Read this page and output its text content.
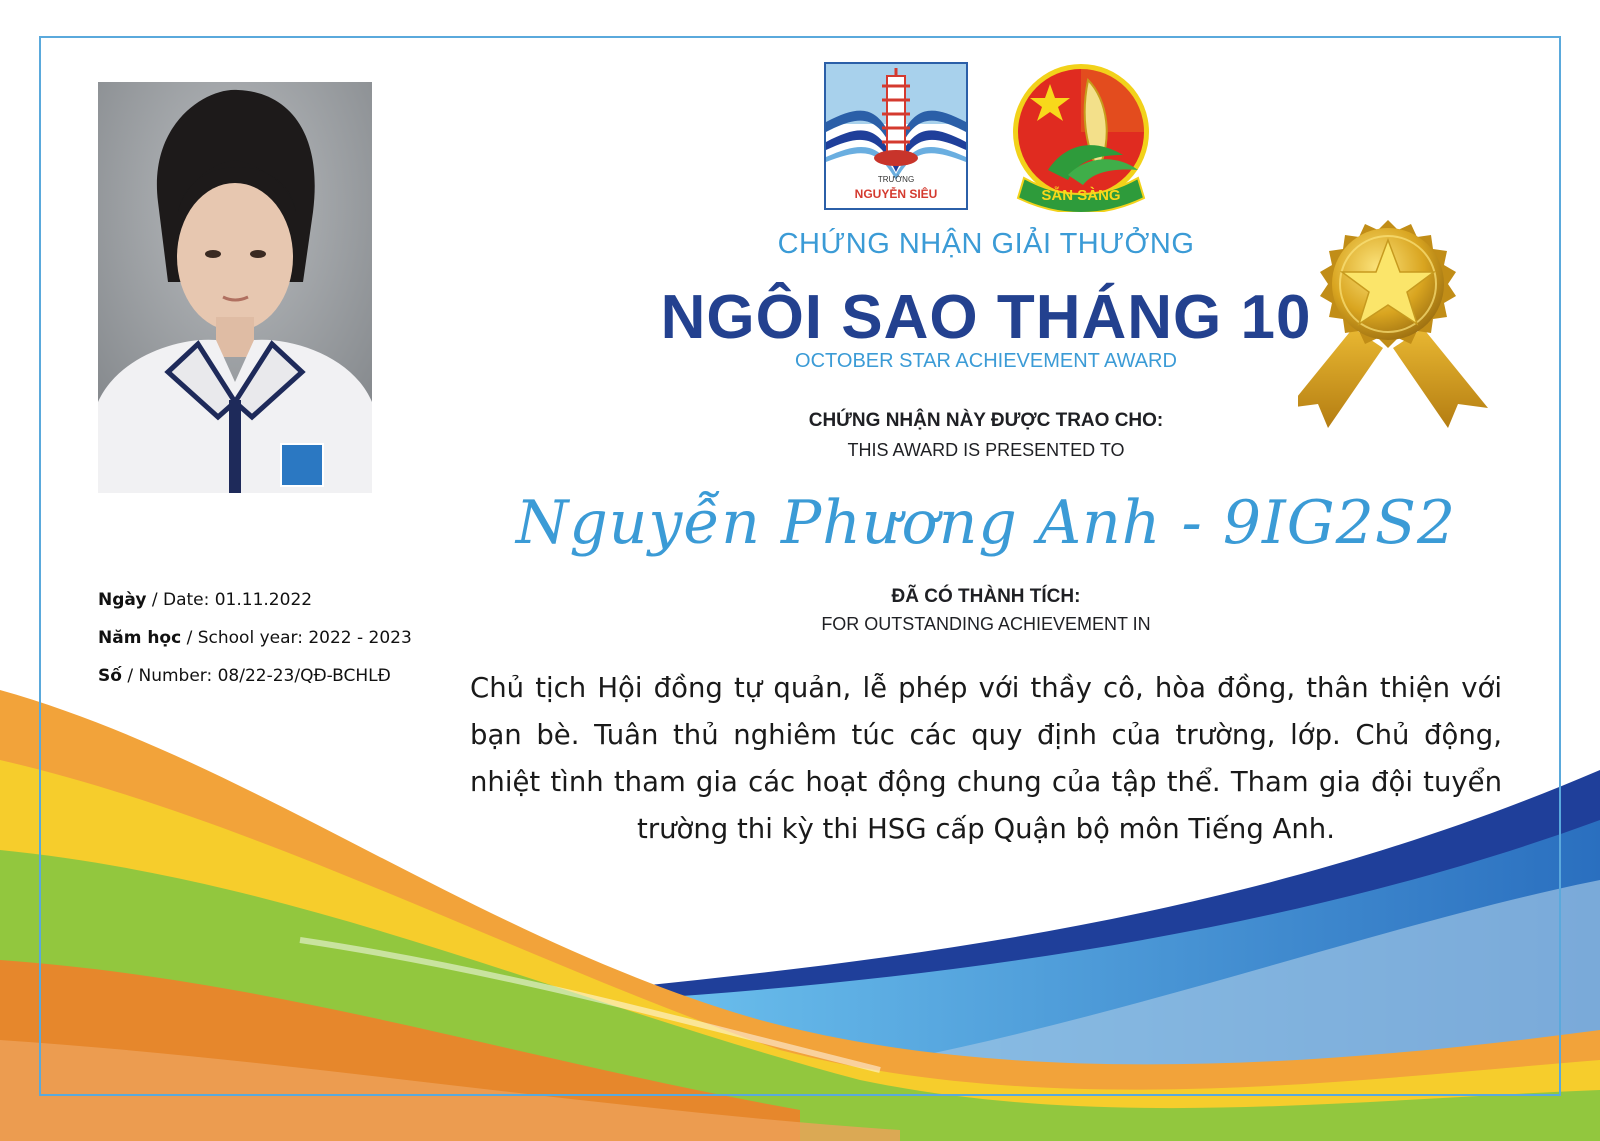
TRƯỜNG
NGUYỄN SIÊU	SẴN SÀNG
CHỨNG NHẬN GIẢI THƯỞNG
NGÔI SAO THÁNG 10
OCTOBER STAR ACHIEVEMENT AWARD
CHỨNG NHẬN NÀY ĐƯỢC TRAO CHO:
THIS AWARD IS PRESENTED TO
Nguyễn Phương Anh - 9IG2S2
ĐÃ CÓ THÀNH TÍCH:
FOR OUTSTANDING ACHIEVEMENT IN
Chủ tịch Hội đồng tự quản, lễ phép với thầy cô, hòa đồng, thân thiện với bạn bè. Tuân thủ nghiêm túc các quy định của trường, lớp. Chủ động, nhiệt tình tham gia các hoạt động chung của tập thể. Tham gia đội tuyển trường thi kỳ thi HSG cấp Quận bộ môn Tiếng Anh.
Ngày / Date: 01.11.2022
Năm học / School year: 2022 - 2023
Số / Number: 08/22-23/QĐ-BCHLĐ
